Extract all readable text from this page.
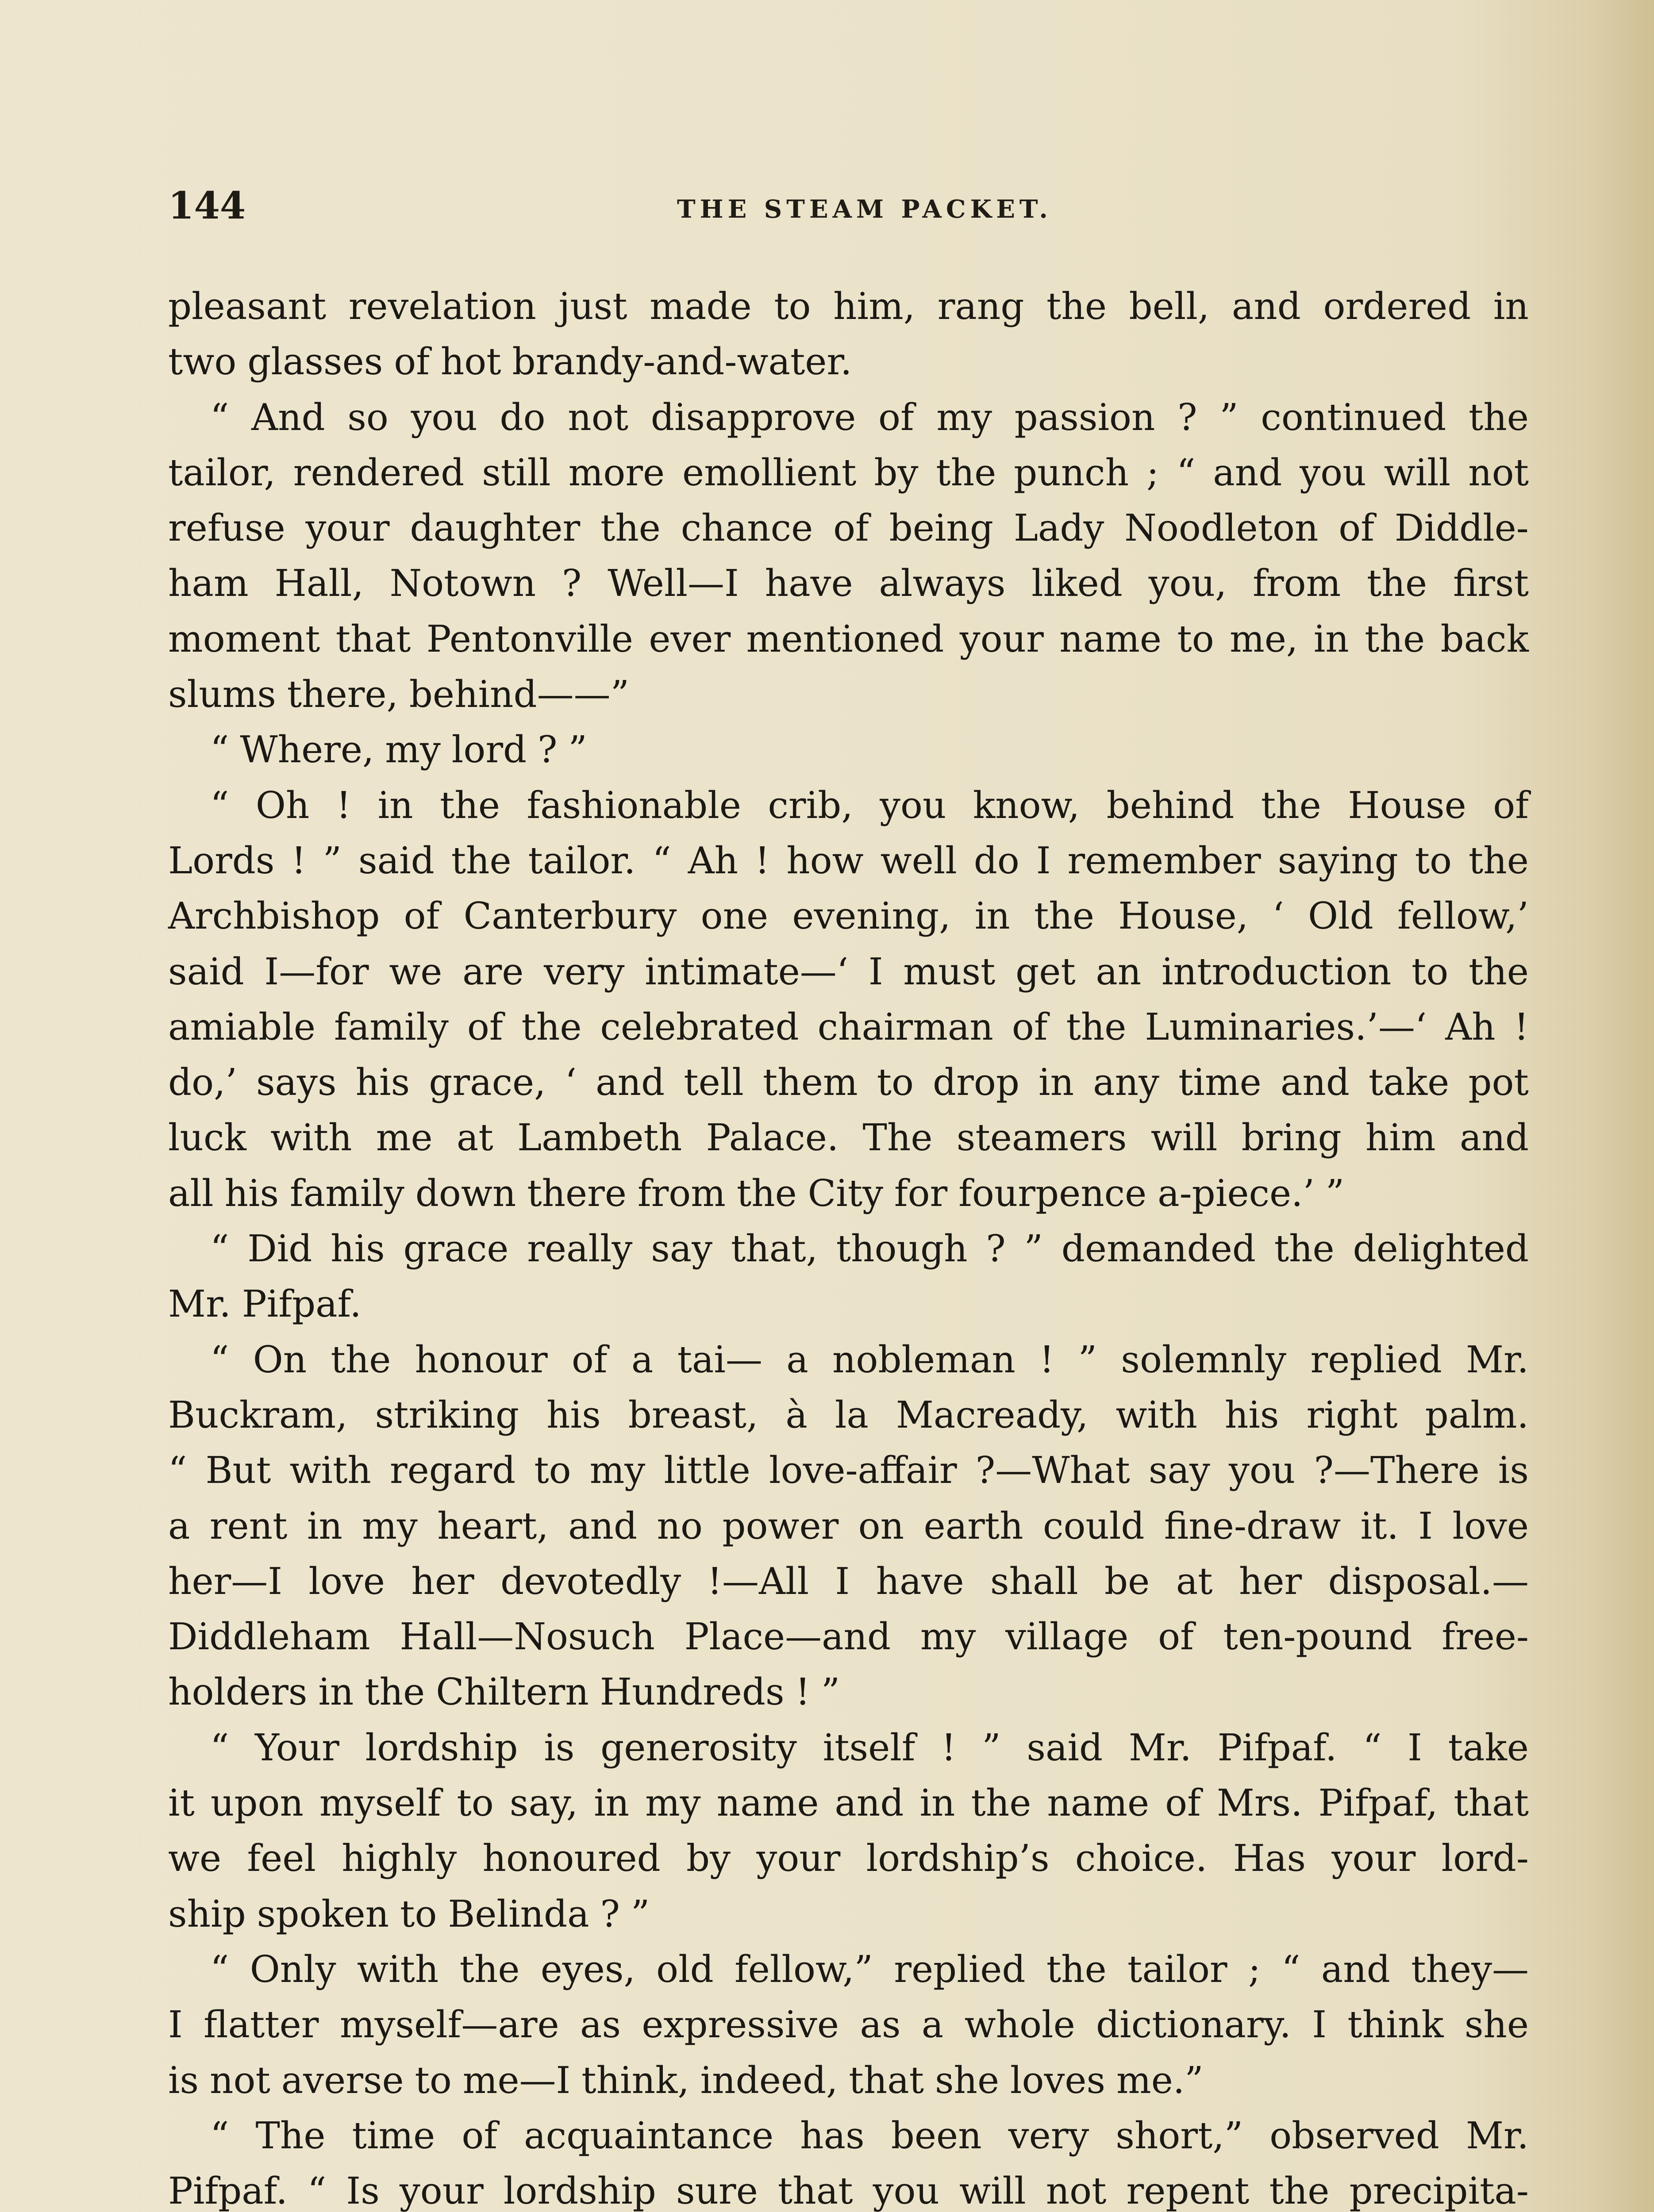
144	THE STEAM PACKET.
pleasant revelation just made to him, rang the bell, and ordered in
two glasses of hot brandy-and-water.
“ And so you do not disapprove of my passion ? ” continued the
tailor, rendered still more emollient by the punch ; “ and you will not
refuse your daughter the chance of being Lady Noodleton of Diddle-
ham Hall, Notown ? Well—I have always liked you, from the first
moment that Pentonville ever mentioned your name to me, in the back
slums there, behind——”
“ Where, my lord ? ”
“ Oh ! in the fashionable crib, you know, behind the House of
Lords ! ” said the tailor. “ Ah ! how well do I remember saying to the
Archbishop of Canterbury one evening, in the House, ‘ Old fellow,’
said I—for we are very intimate—‘ I must get an introduction to the
amiable family of the celebrated chairman of the Luminaries.’—‘ Ah !
do,’ says his grace, ‘ and tell them to drop in any time and take pot
luck with me at Lambeth Palace. The steamers will bring him and
all his family down there from the City for fourpence a-piece.’ ”
“ Did his grace really say that, though ? ” demanded the delighted
Mr. Pifpaf.
“ On the honour of a tai— a nobleman ! ” solemnly replied Mr.
Buckram, striking his breast, à la Macready, with his right palm.
“ But with regard to my little love-affair ?—What say you ?—There is
a rent in my heart, and no power on earth could fine-draw it. I love
her—I love her devotedly !—All I have shall be at her disposal.—
Diddleham Hall—Nosuch Place—and my village of ten-pound free-
holders in the Chiltern Hundreds ! ”
“ Your lordship is generosity itself ! ” said Mr. Pifpaf. “ I take
it upon myself to say, in my name and in the name of Mrs. Pifpaf, that
we feel highly honoured by your lordship’s choice. Has your lord-
ship spoken to Belinda ? ”
“ Only with the eyes, old fellow,” replied the tailor ; “ and they—
I flatter myself—are as expressive as a whole dictionary. I think she
is not averse to me—I think, indeed, that she loves me.”
“ The time of acquaintance has been very short,” observed Mr.
Pifpaf. “ Is your lordship sure that you will not repent the precipita-
